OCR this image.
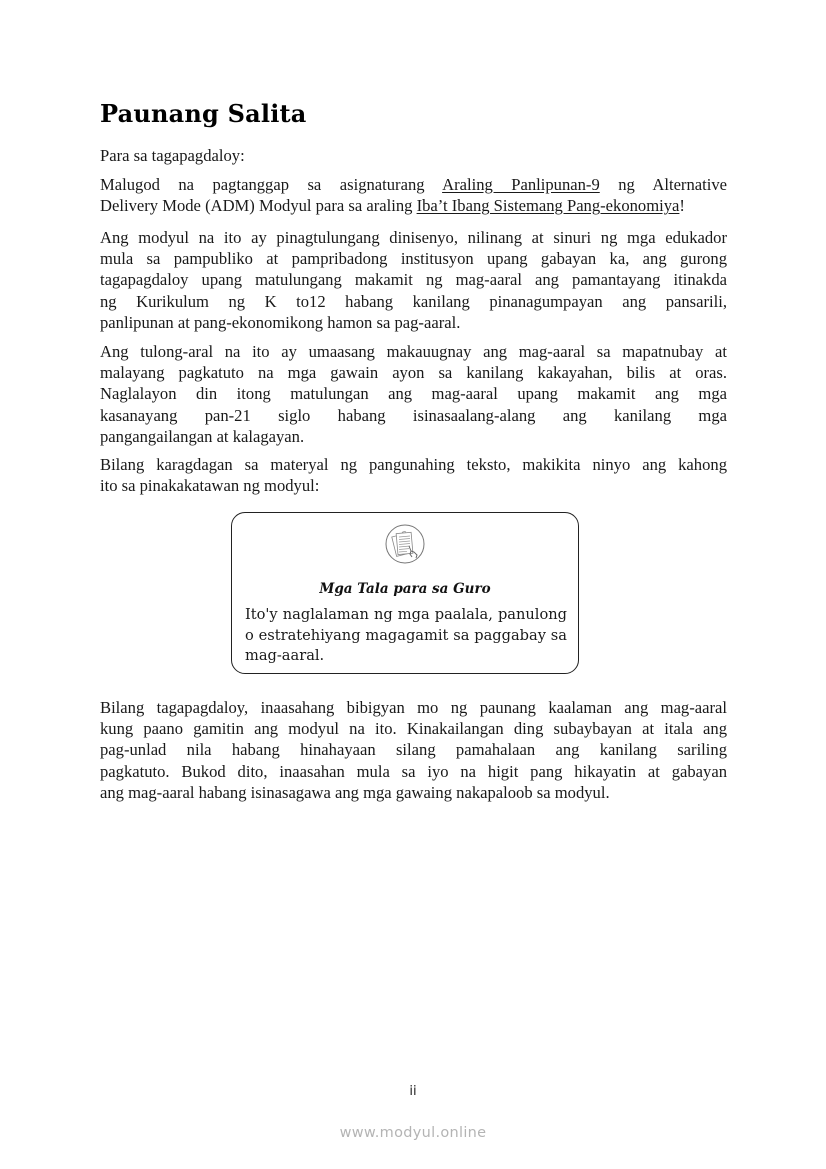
Paunang Salita

Para sa tagapagdaloy:

Malugod na pagtanggap sa asignaturang Araling Panlipunan-9 ng Alternative
Delivery Mode (ADM) Modyul para sa araling Iba’t Ibang Sistemang Pang-ekonomiya!

Ang modyul na ito ay pinagtulungang dinisenyo, nilinang at sinuri ng mga edukador
mula sa pampubliko at pampribadong institusyon upang gabayan ka, ang gurong
tagapagdaloy upang matulungang makamit ng mag-aaral ang pamantayang itinakda
ng Kurikulum ng K to12 habang kanilang pinanagumpayan ang pansarili,
panlipunan at pang-ekonomikong hamon sa pag-aaral.

Ang tulong-aral na ito ay umaasang makauugnay ang mag-aaral sa mapatnubay at
malayang pagkatuto na mga gawain ayon sa kanilang kakayahan, bilis at oras.
Naglalayon din itong matulungan ang mag-aaral upang makamit ang mga
kasanayang pan-21 siglo habang isinasaalang-alang ang kanilang mga
pangangailangan at kalagayan.

Bilang karagdagan sa materyal ng pangunahing teksto, makikita ninyo ang kahong
ito sa pinakakatawan ng modyul:

Bilang tagapagdaloy, inaasahang bibigyan mo ng paunang kaalaman ang mag-aaral
kung paano gamitin ang modyul na ito. Kinakailangan ding subaybayan at itala ang
pag-unlad nila habang hinahayaan silang pamahalaan ang kanilang sariling
pagkatuto. Bukod dito, inaasahan mula sa iyo na higit pang hikayatin at gabayan
ang mag-aaral habang isinasagawa ang mga gawaing nakapaloob sa modyul.

Mga Tala para sa Guro
Ito'y naglalaman ng mga paalala, panulong
o estratehiyang magagamit sa paggabay sa
mag-aaral.
ii
www.modyul.online
